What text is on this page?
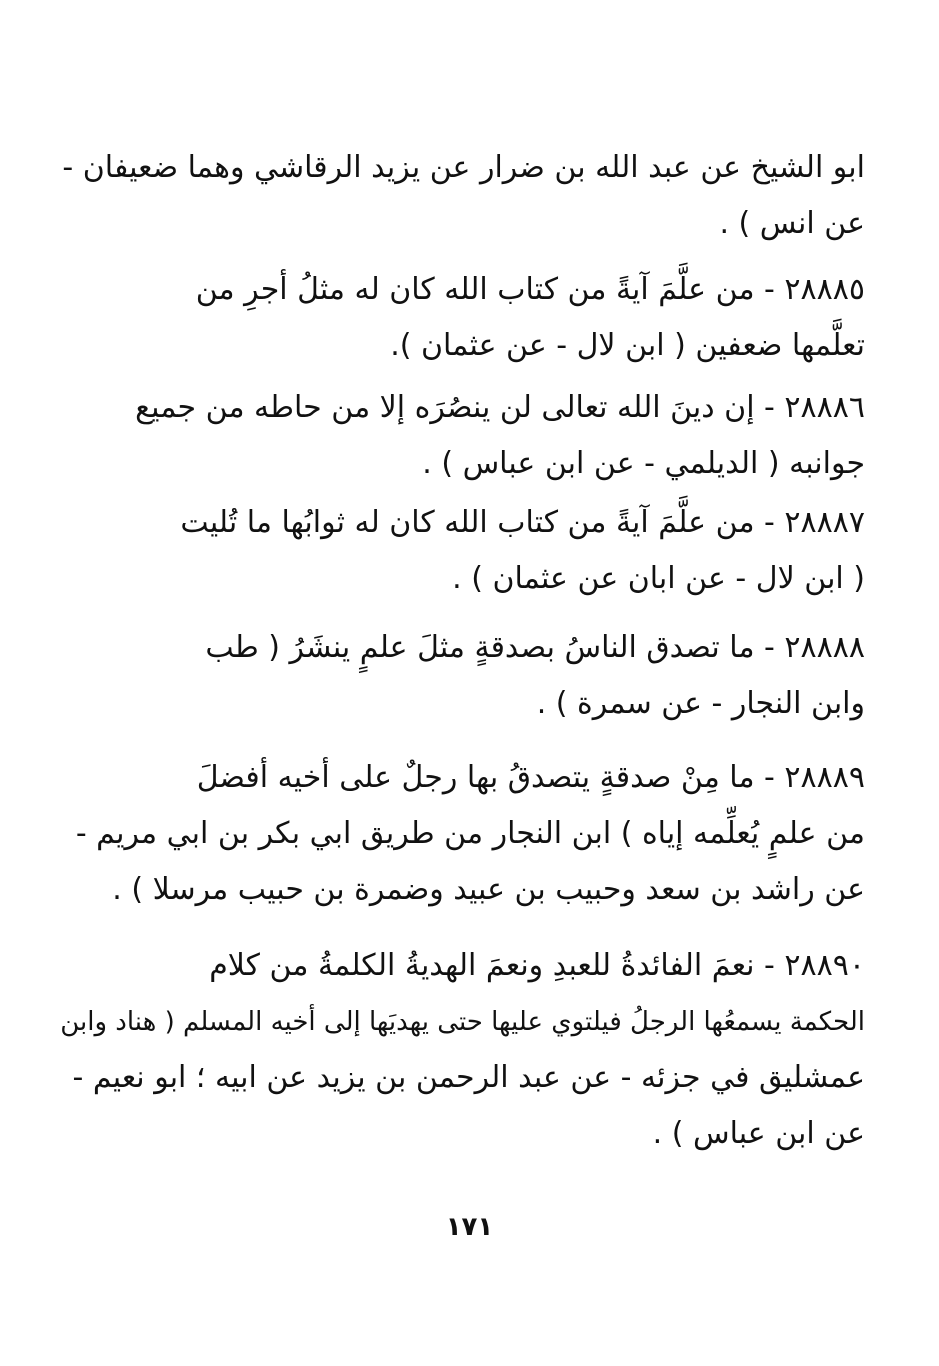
ابو الشيخ عن عبد الله بن ضرار عن يزيد الرقاشي وهما ضعيفان -
عن انس ) .
٢٨٨٨٥ - من علَّمَ آيةً من كتاب الله كان له مثلُ أجرِ من
تعلَّمها ضعفين ( ابن لال - عن عثمان ).
٢٨٨٨٦ - إن دينَ الله تعالى لن ينصُرَه إلا من حاطه من جميع
جوانبه ( الديلمي - عن ابن عباس ) .
٢٨٨٨٧ - من علَّمَ آيةً من كتاب الله كان له ثوابُها ما تُليت
( ابن لال - عن ابان عن عثمان ) .
٢٨٨٨٨ - ما تصدق الناسُ بصدقةٍ مثلَ علمٍ ينشَرُ ( طب
وابن النجار - عن سمرة ) .
٢٨٨٨٩ - ما مِنْ صدقةٍ يتصدقُ بها رجلٌ على أخيه أفضلَ
من علمٍ يُعلِّمه إياه ) ابن النجار من طريق ابي بكر بن ابي مريم -
عن راشد بن سعد وحبيب بن عبيد وضمرة بن حبيب مرسلا ) .
٢٨٨٩٠ - نعمَ الفائدةُ للعبدِ ونعمَ الهديةُ الكلمةُ من كلام
الحكمة يسمعُها الرجلُ فيلتوي عليها حتى يهديَها إلى أخيه المسلم ( هناد وابن
عمشليق في جزئه - عن عبد الرحمن بن يزيد عن ابيه ؛ ابو نعيم -
عن ابن عباس ) .
١٧١
